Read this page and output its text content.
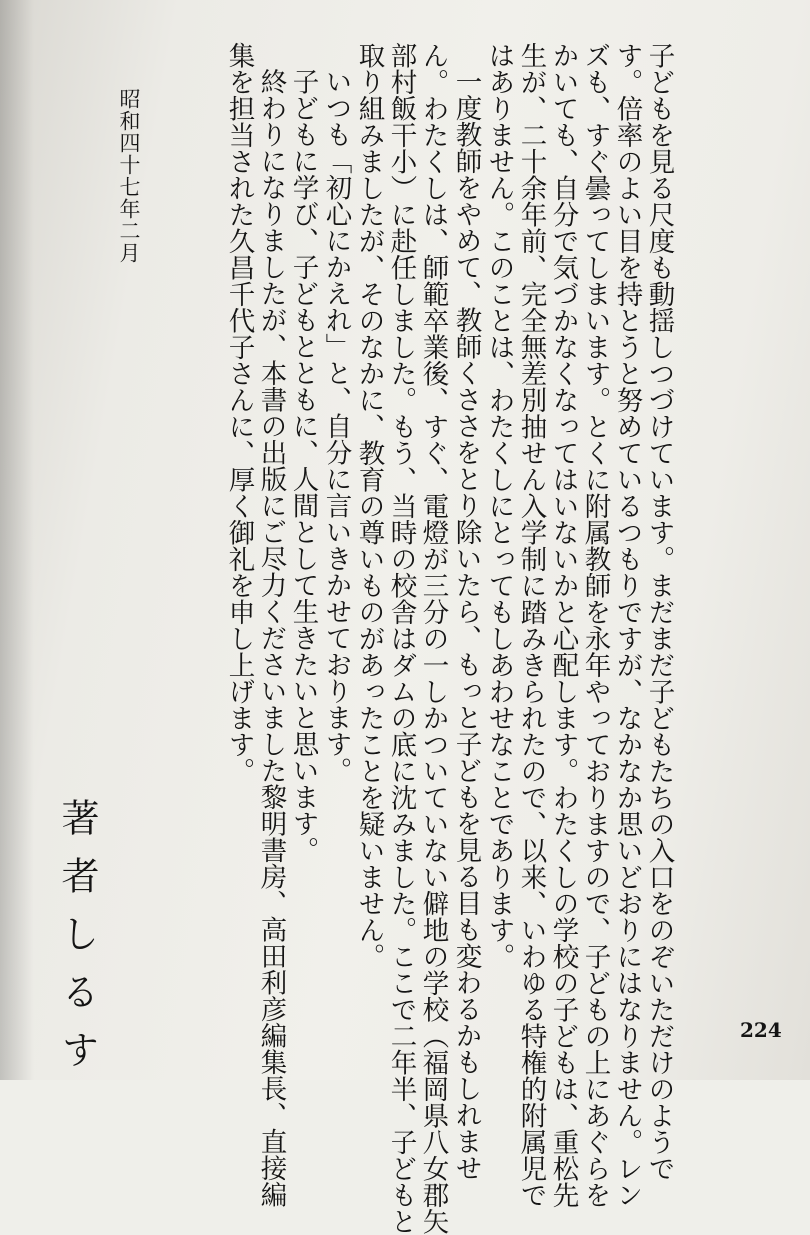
子どもを見る尺度も動揺しつづけています。まだまだ子どもたちの入口をのぞいただけのようで
す。倍率のよい目を持とうと努めているつもりですが、なかなか思いどおりにはなりません。レン
ズも、すぐ曇ってしまいます。とくに附属教師を永年やっておりますので、子どもの上にあぐらを
かいても、自分で気づかなくなってはいないかと心配します。わたくしの学校の子どもは、重松先
生が、二十余年前、完全無差別抽せん入学制に踏みきられたので、以来、いわゆる特権的附属児で
はありません。このことは、わたくしにとってもしあわせなことであります。
一度教師をやめて、教師くささをとり除いたら、もっと子どもを見る目も変わるかもしれませ
ん。わたくしは、師範卒業後、すぐ、電燈が三分の一しかついていない僻地の学校（福岡県八女郡矢
部村飯干小）に赴任しました。もう、当時の校舎はダムの底に沈みました。ここで二年半、子どもと
取り組みましたが、そのなかに、教育の尊いものがあったことを疑いません。
いつも「初心にかえれ」と、自分に言いきかせております。
子どもに学び、子どもとともに、人間として生きたいと思います。
終わりになりましたが、本書の出版にご尽力くださいました黎明書房、高田利彦編集長、直接編
集を担当された久昌千代子さんに、厚く御礼を申し上げます。
昭和四十七年二月
著者しるす	224
